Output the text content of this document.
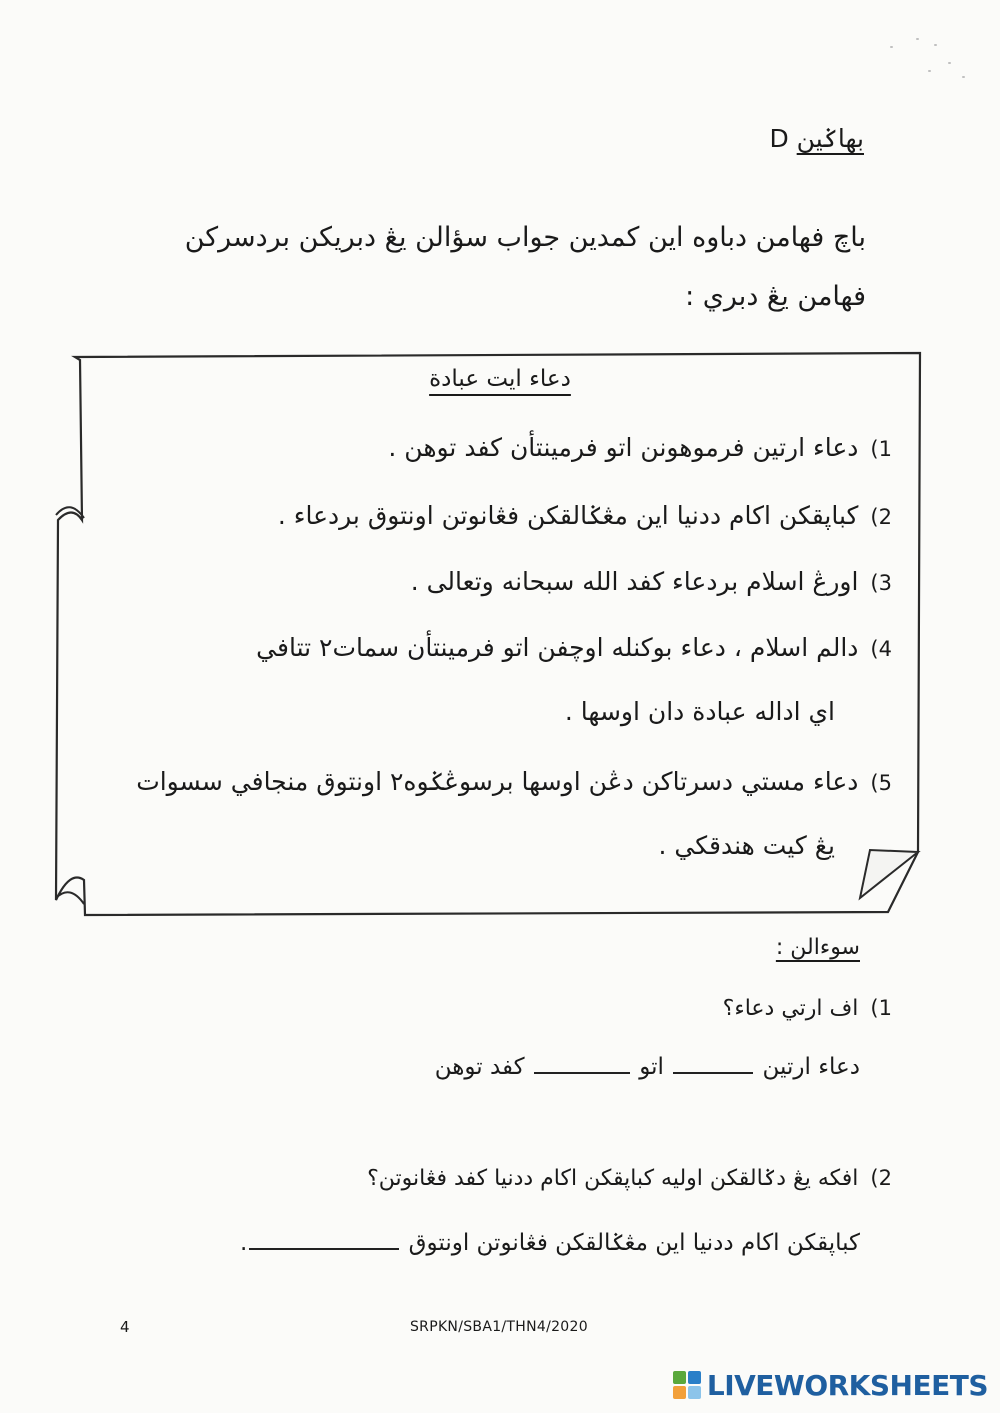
D بهاݢين
باچ فهامن دباوه اين كمدين جواب سؤالن يڠ دبريكن بردسركن
فهامن يڠ دبري :
دعاء ايت عبادة
1)دعاء ارتين فرموهونن اتو فرمينتأن كفد توهن .
2)كباڽقكن اكام ددنيا اين مڠݢالقكن فڠانوتن اونتوق بردعاء .
3)اورڠ اسلام بردعاء كفد الله سبحانه وتعالى .
4)دالم اسلام ، دعاء بوكنله اوچفن اتو فرمينتأن سمات٢ تتافي
اي اداله عبادة دان اوسها .
5)دعاء مستي دسرتاكن دڠن اوسها برسوڠݢوه٢ اونتوق منجافي سسوات
يڠ كيت هندقكي .
سوءالن :
1)اف ارتي دعاء؟
دعاء ارتين  اتو  كفد توهن
2)افكه يڠ دݢالقكن اوليه كباڽقكن اكام ددنيا كفد فڠانوتن؟
كباڽقكن اكام ددنيا اين مڠݢالقكن فڠانوتن اونتوق .
4	SRPKN/SBA1/THN4/2020
LIVEWORKSHEETS
